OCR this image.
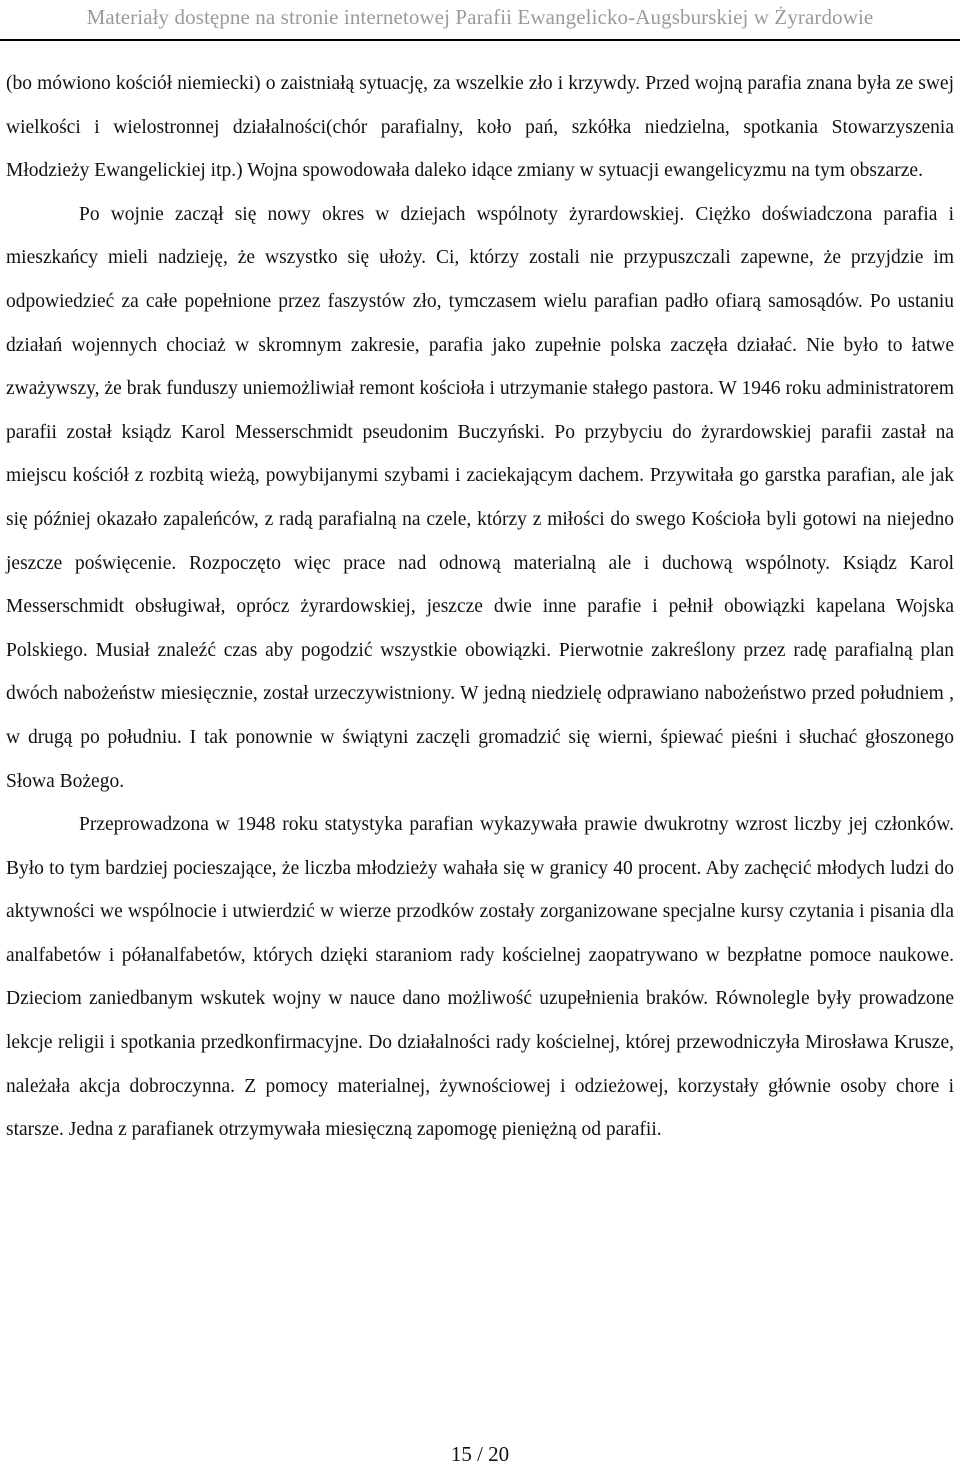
Materiały dostępne na stronie internetowej Parafii Ewangelicko-Augsburskiej w Żyrardowie

(bo mówiono kościół niemiecki) o zaistniałą sytuację, za wszelkie zło i krzywdy. Przed wojną parafia znana była ze swej wielkości i wielostronnej działalności(chór parafialny, koło pań, szkółka niedzielna, spotkania Stowarzyszenia Młodzieży Ewangelickiej itp.) Wojna spowodowała daleko idące zmiany w sytuacji ewangelicyzmu na tym obszarze.

Po wojnie zaczął się nowy okres w dziejach wspólnoty żyrardowskiej. Ciężko doświadczona parafia i mieszkańcy mieli nadzieję, że wszystko się ułoży. Ci, którzy zostali nie przypuszczali zapewne, że przyjdzie im odpowiedzieć za całe popełnione przez faszystów zło, tymczasem wielu parafian padło ofiarą samosądów. Po ustaniu działań wojennych chociaż w skromnym zakresie, parafia jako zupełnie polska zaczęła działać. Nie było to łatwe zważywszy, że brak funduszy uniemożliwiał remont kościoła i utrzymanie stałego pastora. W 1946 roku administratorem parafii został ksiądz Karol Messerschmidt pseudonim Buczyński. Po przybyciu do żyrardowskiej parafii zastał na miejscu kościół z rozbitą wieżą, powybijanymi szybami i zaciekającym dachem. Przywitała go garstka parafian, ale jak się później okazało zapaleńców, z radą parafialną na czele, którzy z miłości do swego Kościoła byli gotowi na niejedno jeszcze poświęcenie. Rozpoczęto więc prace nad odnową materialną ale i duchową wspólnoty. Ksiądz Karol Messerschmidt obsługiwał, oprócz żyrardowskiej, jeszcze dwie inne parafie i pełnił obowiązki kapelana Wojska Polskiego. Musiał znaleźć czas aby pogodzić wszystkie obowiązki. Pierwotnie zakreślony przez radę parafialną plan dwóch nabożeństw miesięcznie, został urzeczywistniony. W jedną niedzielę odprawiano nabożeństwo przed południem , w drugą po południu. I tak ponownie w świątyni zaczęli gromadzić się wierni, śpiewać pieśni i słuchać głoszonego Słowa Bożego.

Przeprowadzona w 1948 roku statystyka parafian wykazywała prawie dwukrotny wzrost liczby jej członków. Było to tym bardziej pocieszające, że liczba młodzieży wahała się w granicy 40 procent. Aby zachęcić młodych ludzi do aktywności we wspólnocie i utwierdzić w wierze przodków zostały zorganizowane specjalne kursy czytania i pisania dla analfabetów i półanalfabetów, których dzięki staraniom rady kościelnej zaopatrywano w bezpłatne pomoce naukowe. Dzieciom zaniedbanym wskutek wojny w nauce dano możliwość uzupełnienia braków. Równolegle były prowadzone lekcje religii i spotkania przedkonfirmacyjne. Do działalności rady kościelnej, której przewodniczyła Mirosława Krusze, należała akcja dobroczynna. Z pomocy materialnej, żywnościowej i odzieżowej, korzystały głównie osoby chore i starsze. Jedna z parafianek otrzymywała miesięczną zapomogę pieniężną od parafii.

15 / 20
